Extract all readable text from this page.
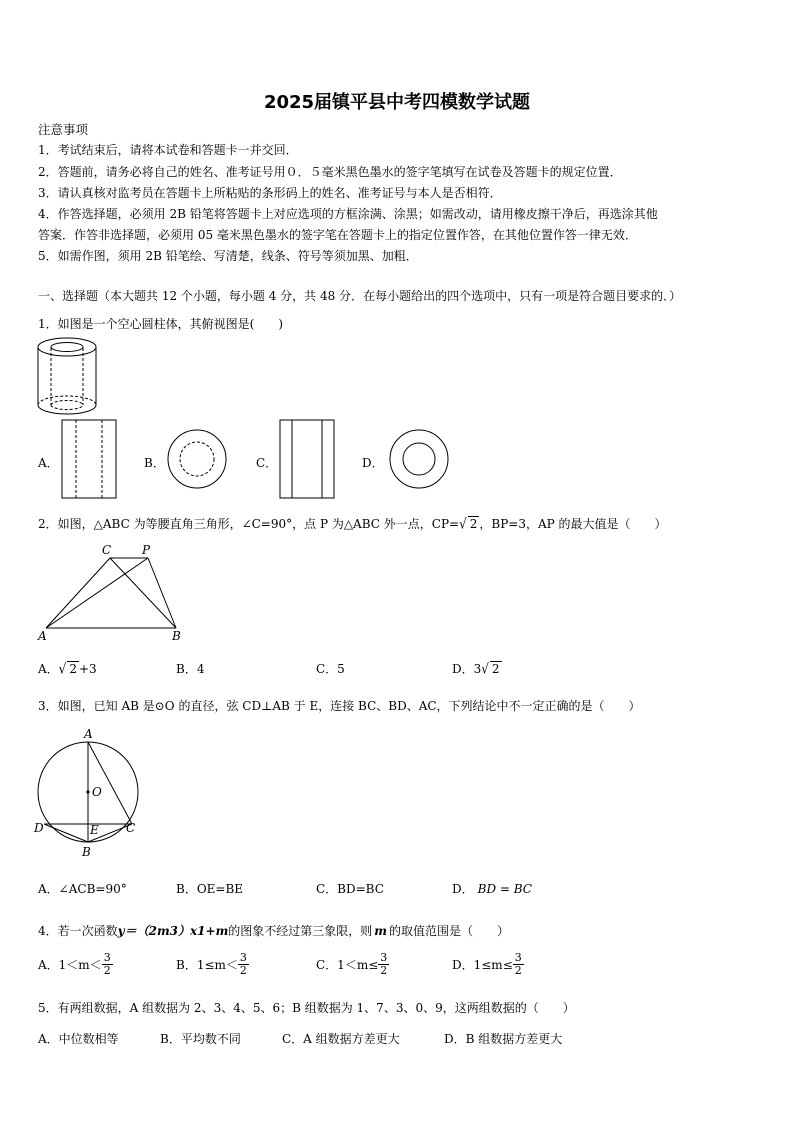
2025届镇平县中考四模数学试题
注意事项
1．考试结束后，请将本试卷和答题卡一并交回．
2．答题前，请务必将自己的姓名、准考证号用０．５毫米黑色墨水的签字笔填写在试卷及答题卡的规定位置．
3．请认真核对监考员在答题卡上所粘贴的条形码上的姓名、准考证号与本人是否相符．
4．作答选择题，必须用 2B 铅笔将答题卡上对应选项的方框涂满、涂黑；如需改动，请用橡皮擦干净后，再选涂其他
答案．作答非选择题，必须用 05 毫米黑色墨水的签字笔在答题卡上的指定位置作答，在其他位置作答一律无效．
5．如需作图，须用 2B 铅笔绘、写清楚，线条、符号等须加黑、加粗．
一、选择题（本大题共 12 个小题，每小题 4 分，共 48 分．在每小题给出的四个选项中，只有一项是符合题目要求的．）
1．如图是一个空心圆柱体，其俯视图是(　　)
A．	B．	C．	D．
2．如图，△ABC 为等腰直角三角形，∠C=90°，点 P 为△ABC 外一点，CP=√ 2 ，BP=3，AP 的最大值是（　　）
C	P
A	B
A．√ 2 +3	B．4	C．5	D．3√ 2
3．如图，已知 AB 是⊙O 的直径，弦 CD⊥AB 于 E，连接 BC、BD、AC，下列结论中不一定正确的是（　　）
A
O
D	E C
B
A．∠ACB=90°	B．OE=BE	C．BD=BC	D． BD = BC
4．若一次函数y＝（2m3）x1+m的图象不经过第三象限，则 m 的取值范围是（　　）
A．$1<m< \frac{3}{2}$	B．$1\le m< \frac{3}{2}$	C．$1<m\le \frac{3}{2}$	D．$1\le m\le \frac{3}{2}$
5．有两组数据，A 组数据为 2、3、4、5、6；B 组数据为 1、7、3、0、9，这两组数据的（　　）
A．中位数相等	B．平均数不同	C．A 组数据方差更大	D．B 组数据方差更大
